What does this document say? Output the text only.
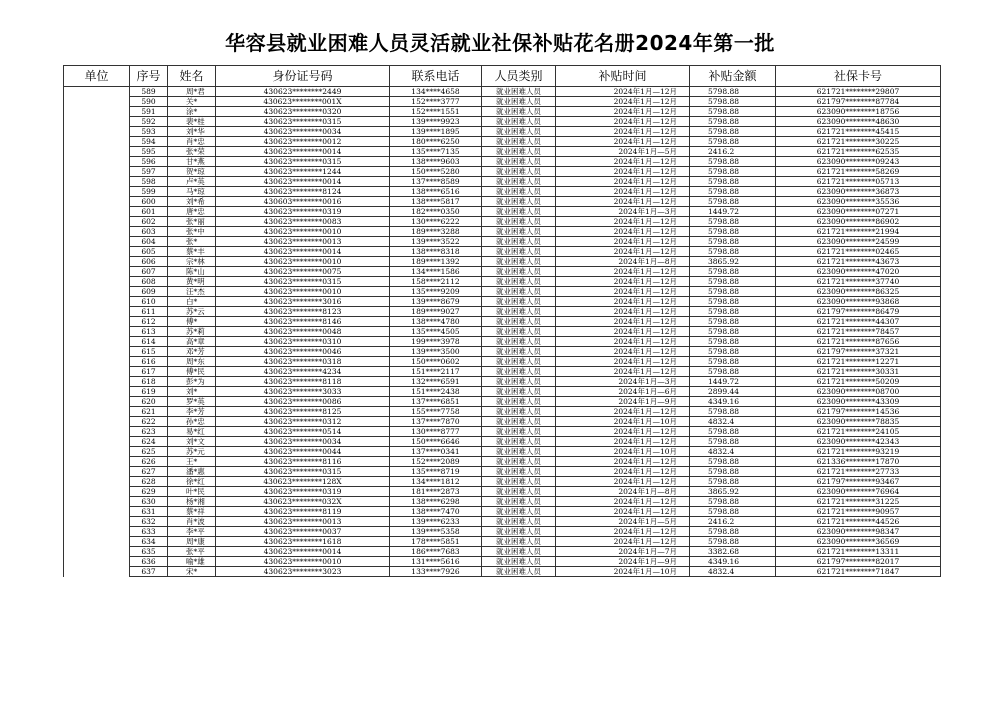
华容县就业困难人员灵活就业社保补贴花名册2024年第一批
单位	序号	姓名	身份证号码	联系电话	人员类别	补贴时间	补贴金额	社保卡号
	589	周*君	430623********2449	134****4658	就业困难人员	2024年1月—12月	5798.88	621721********29807
	590	关*	430623********001X	152****3777	就业困难人员	2024年1月—12月	5798.88	621797********87784
	591	涂*	430623********0320	152****1551	就业困难人员	2024年1月—12月	5798.88	623090********18756
	592	裴*桂	430623********0315	139****9923	就业困难人员	2024年1月—12月	5798.88	623090********48630
	593	刘*华	430623********0034	139****1895	就业困难人员	2024年1月—12月	5798.88	621721********45415
	594	肖*忠	430623********0012	180****6250	就业困难人员	2024年1月—12月	5798.88	621721********30225
	595	张*荣	430623********0014	135****7135	就业困难人员	2024年1月—5月	2416.2	621721********62535
	596	甘*燕	430623********0315	138****9603	就业困难人员	2024年1月—12月	5798.88	623090********09243
	597	贺*琼	430623********1244	150****5280	就业困难人员	2024年1月—12月	5798.88	621721********58269
	598	卢*英	430623********0014	137****8589	就业困难人员	2024年1月—12月	5798.88	621721********05713
	599	马*琼	430623********8124	138****6516	就业困难人员	2024年1月—12月	5798.88	623090********36873
	600	刘*希	430603********0016	138****5817	就业困难人员	2024年1月—12月	5798.88	623090********35536
	601	唐*忠	430623********0319	182****0350	就业困难人员	2024年1月—3月	1449.72	623090********07271
	602	张*丽	430623********0083	130****6222	就业困难人员	2024年1月—12月	5798.88	623090********86902
	603	张*中	430623********0010	189****3288	就业困难人员	2024年1月—12月	5798.88	621721********21994
	604	张*	430623********0013	139****3522	就业困难人员	2024年1月—12月	5798.88	623090********24599
	605	蔡*丰	430623********0014	138****8318	就业困难人员	2024年1月—12月	5798.88	621721********02465
	606	宗*林	430623********0010	189****1392	就业困难人员	2024年1月—8月	3865.92	621721********43673
	607	陈*山	430623********0075	134****1586	就业困难人员	2024年1月—12月	5798.88	623090********47020
	608	黄*明	430623********0315	158****2112	就业困难人员	2024年1月—12月	5798.88	621721********37740
	609	汪*杰	430623********0010	135****9209	就业困难人员	2024年1月—12月	5798.88	623090********86325
	610	白*	430623********3016	139****8679	就业困难人员	2024年1月—12月	5798.88	623090********93868
	611	苏*云	430623********8123	189****9027	就业困难人员	2024年1月—12月	5798.88	621797********86479
	612	傅*	430623********8146	138****4780	就业困难人员	2024年1月—12月	5798.88	621721********44307
	613	苏*莉	430623********0048	135****4505	就业困难人员	2024年1月—12月	5798.88	621721********78457
	614	高*章	430623********0310	199****3978	就业困难人员	2024年1月—12月	5798.88	621721********87656
	615	邓*芳	430623********0046	139****3500	就业困难人员	2024年1月—12月	5798.88	621797********37321
	616	周*东	430623********0318	150****0602	就业困难人员	2024年1月—12月	5798.88	621721********12271
	617	傅*民	430623********4234	151****2117	就业困难人员	2024年1月—12月	5798.88	621721********30331
	618	彭*为	430623********8118	132****6591	就业困难人员	2024年1月—3月	1449.72	621721********50209
	619	刘*	430623********3033	151****2438	就业困难人员	2024年1月—6月	2899.44	623090********08700
	620	罗*英	430623********0086	137****6851	就业困难人员	2024年1月—9月	4349.16	623090********43309
	621	李*芳	430623********8125	155****7758	就业困难人员	2024年1月—12月	5798.88	621797********14536
	622	孙*忠	430623********0312	137****7870	就业困难人员	2024年1月—10月	4832.4	623090********78835
	623	易*红	430623********0514	130****8777	就业困难人员	2024年1月—12月	5798.88	621721********24105
	624	刘*文	430623********0034	150****6646	就业困难人员	2024年1月—12月	5798.88	623090********42343
	625	苏*元	430623********0044	137****0341	就业困难人员	2024年1月—10月	4832.4	621721********93219
	626	王*	430623********8116	152****2089	就业困难人员	2024年1月—12月	5798.88	621336********17870
	627	潘*惠	430623********0315	135****8719	就业困难人员	2024年1月—12月	5798.88	621721********27733
	628	徐*红	430623********128X	134****1812	就业困难人员	2024年1月—12月	5798.88	621797********93467
	629	叶*民	430623********0319	181****2873	就业困难人员	2024年1月—8月	3865.92	623090********76964
	630	杨*湘	430623********032X	138****6298	就业困难人员	2024年1月—12月	5798.88	621721********31225
	631	蔡*祥	430623********8119	138****7470	就业困难人员	2024年1月—12月	5798.88	621721********90957
	632	肖*波	430623********0013	139****6233	就业困难人员	2024年1月—5月	2416.2	621721********44526
	633	李*平	430623********0037	139****5358	就业困难人员	2024年1月—12月	5798.88	623090********98347
	634	周*康	430623********1618	178****5851	就业困难人员	2024年1月—12月	5798.88	623090********36569
	635	张*平	430623********0014	186****7683	就业困难人员	2024年1月—7月	3382.68	621721********13311
	636	喻*雄	430623********0010	131****5616	就业困难人员	2024年1月—9月	4349.16	621797********82017
	637	宋*	430623********3023	133****7926	就业困难人员	2024年1月—10月	4832.4	621721********71847
